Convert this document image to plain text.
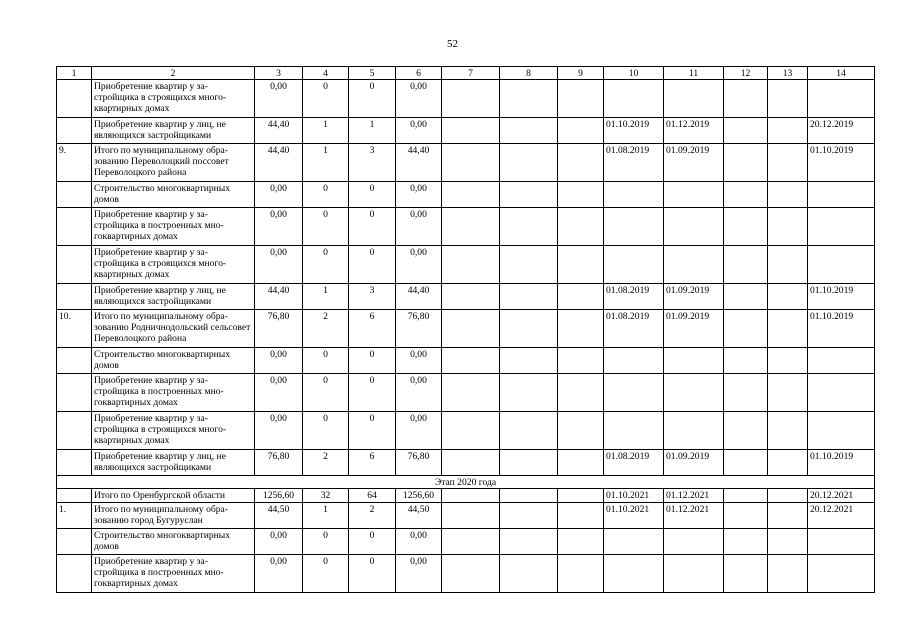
52
1	2	3	4	5	6	7	8	9	10	11	12	13	14
	Приобретение квартир у за-стройщика в строящихся много-квартирных домах	0,00	0	0	0,00								
	Приобретение квартир у лиц, не являющихся застройщиками	44,40	1	1	0,00				01.10.2019	01.12.2019			20.12.2019
9.	Итого по муниципальному обра-зованию Переволоцкий поссовет Переволоцкого района	44,40	1	3	44,40				01.08.2019	01.09.2019			01.10.2019
	Строительство многоквартирных домов	0,00	0	0	0,00								
	Приобретение квартир у за-стройщика в построенных мно-гоквартирных домах	0,00	0	0	0,00								
	Приобретение квартир у за-стройщика в строящихся много-квартирных домах	0,00	0	0	0,00								
	Приобретение квартир у лиц, не являющихся застройщиками	44,40	1	3	44,40				01.08.2019	01.09.2019			01.10.2019
10.	Итого по муниципальному обра-зованию Родничнодольский сельсовет Переволоцкого района	76,80	2	6	76,80				01.08.2019	01.09.2019			01.10.2019
	Строительство многоквартирных домов	0,00	0	0	0,00								
	Приобретение квартир у за-стройщика в построенных мно-гоквартирных домах	0,00	0	0	0,00								
	Приобретение квартир у за-стройщика в строящихся много-квартирных домах	0,00	0	0	0,00								
	Приобретение квартир у лиц, не являющихся застройщиками	76,80	2	6	76,80				01.08.2019	01.09.2019			01.10.2019
Этап 2020 года													
	Итого по Оренбургской области	1256,60	32	64	1256,60				01.10.2021	01.12.2021			20.12.2021
1.	Итого по муниципальному обра-зованию город Бугуруслан	44,50	1	2	44,50				01.10.2021	01.12.2021			20.12.2021
	Строительство многоквартирных домов	0,00	0	0	0,00								
	Приобретение квартир у за-стройщика в построенных мно-гоквартирных домах	0,00	0	0	0,00								
